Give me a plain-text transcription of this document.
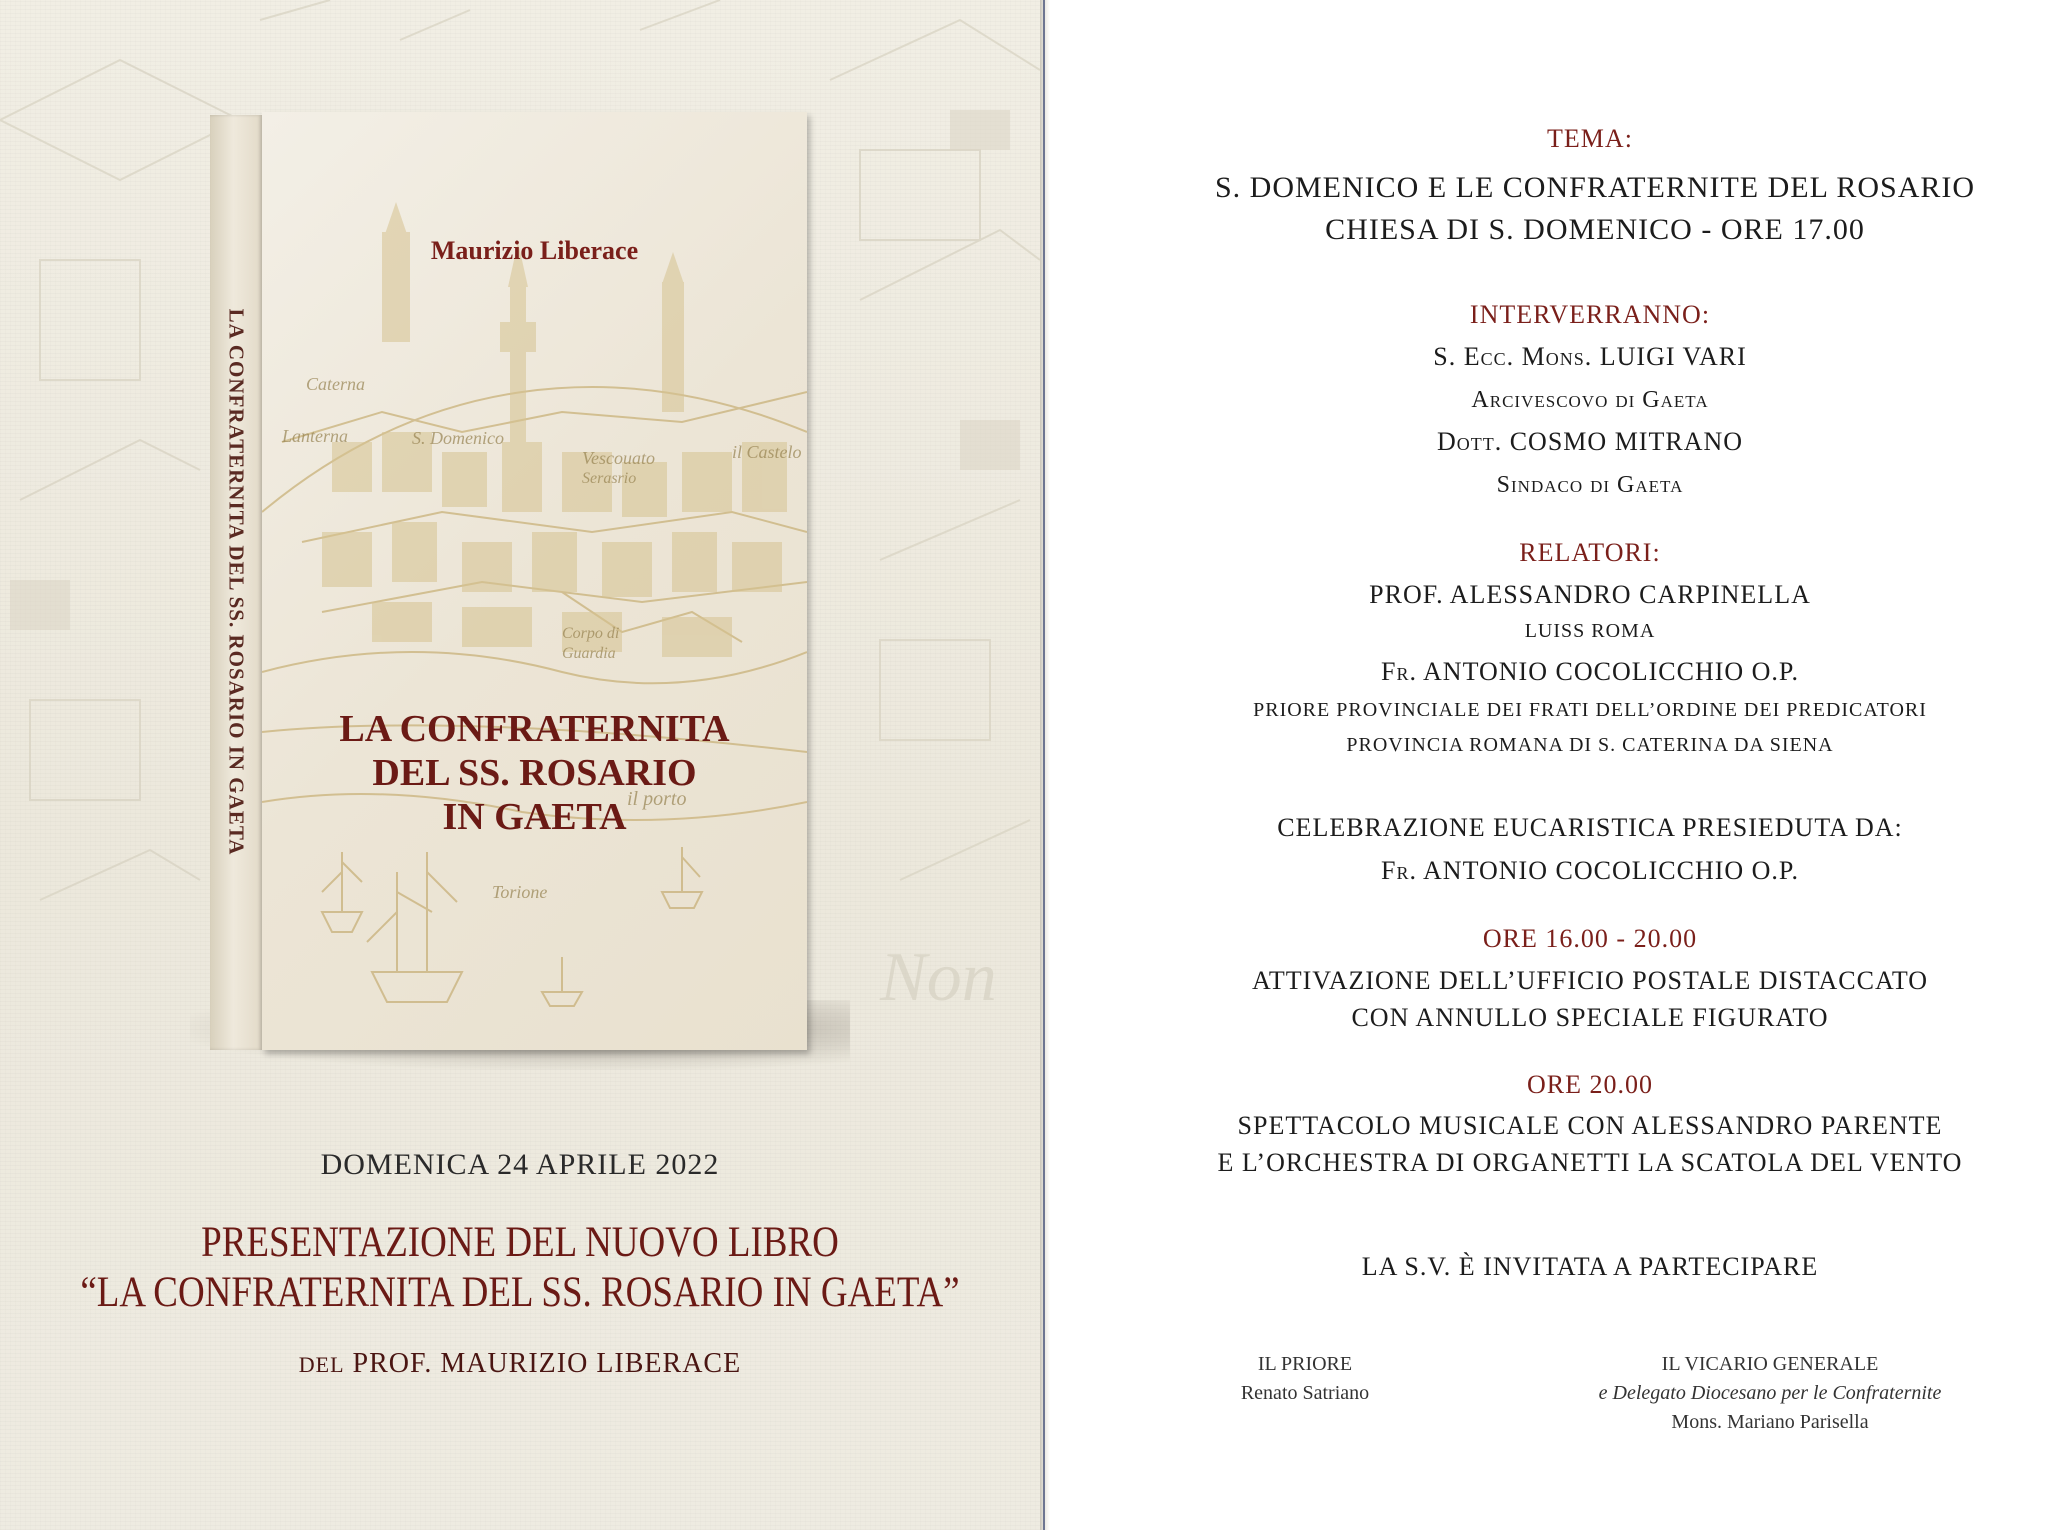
Non
LA CONFRATERNITA DEL SS. ROSARIO IN GAETA	Caterna
Lanterna	S. Domenico
Vescouato
Serasrio
il Castelo
Corpo di Guardia
il porto
Torione
Maurizio Liberace
LA CONFRATERNITA
DEL SS. ROSARIO
IN GAETA
DOMENICA 24 APRILE 2022
PRESENTAZIONE DEL NUOVO LIBRO
“LA CONFRATERNITA DEL SS. ROSARIO IN GAETA”
DEL PROF. MAURIZIO LIBERACE
TEMA:
S. DOMENICO E LE CONFRATERNITE DEL ROSARIO
CHIESA DI S. DOMENICO - ORE 17.00
INTERVERRANNO:
S. Ecc. Mons. LUIGI VARI
Arcivescovo di Gaeta
Dott. COSMO MITRANO
Sindaco di Gaeta
RELATORI:
PROF. ALESSANDRO CARPINELLA
LUISS ROMA
Fr. ANTONIO COCOLICCHIO O.P.
PRIORE PROVINCIALE DEI FRATI DELL’ORDINE DEI PREDICATORI
PROVINCIA ROMANA DI S. CATERINA DA SIENA
CELEBRAZIONE EUCARISTICA PRESIEDUTA DA:
Fr. ANTONIO COCOLICCHIO O.P.
ORE 16.00 - 20.00
ATTIVAZIONE DELL’UFFICIO POSTALE DISTACCATO
CON ANNULLO SPECIALE FIGURATO
ORE 20.00
SPETTACOLO MUSICALE CON ALESSANDRO PARENTE
E L’ORCHESTRA DI ORGANETTI LA SCATOLA DEL VENTO
LA S.V. È INVITATA A PARTECIPARE
IL PRIORE
Renato Satriano
IL VICARIO GENERALE
e Delegato Diocesano per le Confraternite
Mons. Mariano Parisella
